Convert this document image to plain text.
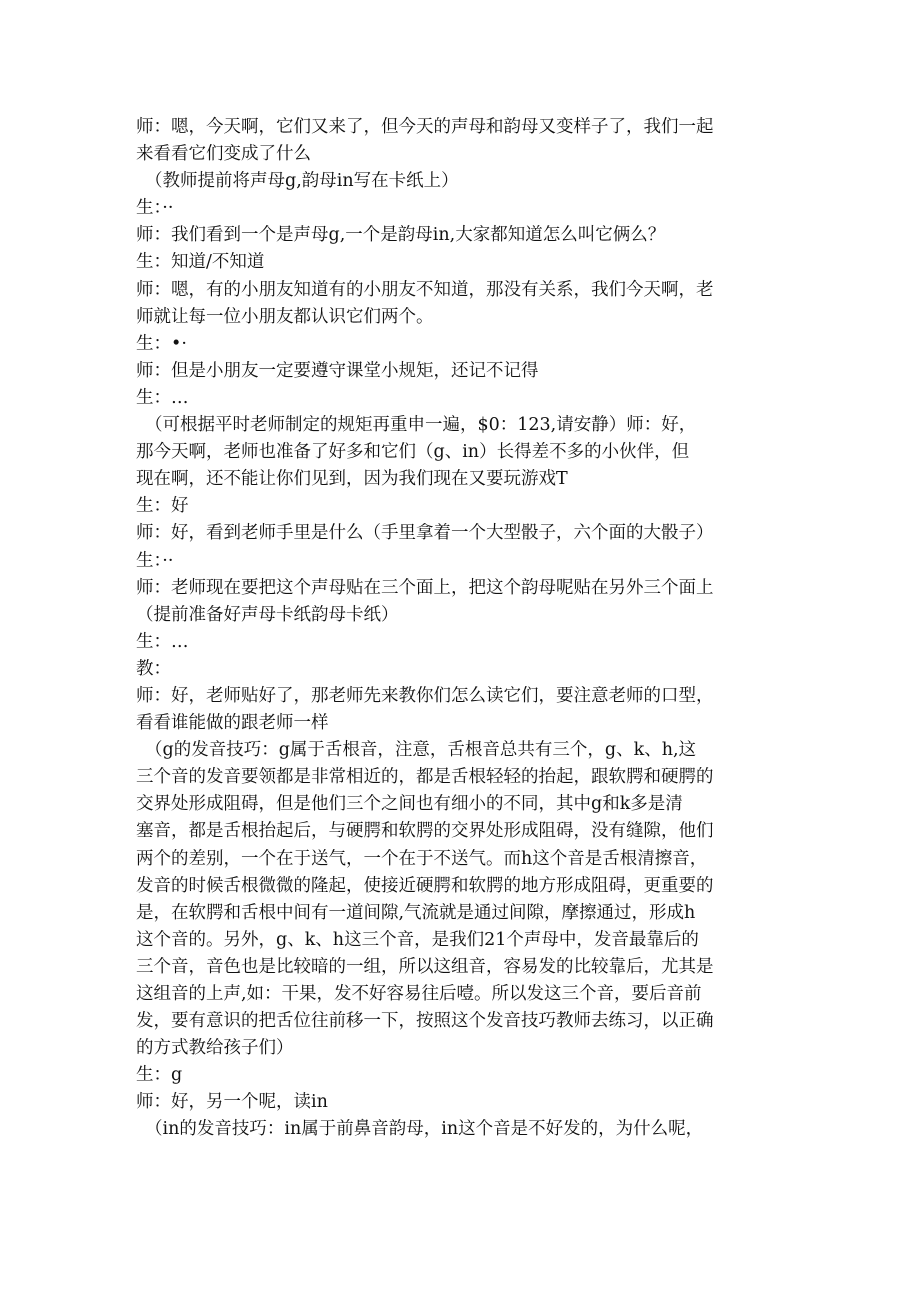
师：嗯，今天啊，它们又来了，但今天的声母和韵母又变样子了，我们一起
来看看它们变成了什么
（教师提前将声母g,韵母in写在卡纸上）
生：··
师：我们看到一个是声母g,一个是韵母in,大家都知道怎么叫它俩么？
生：知道/不知道
师：嗯，有的小朋友知道有的小朋友不知道，那没有关系，我们今天啊，老
师就让每一位小朋友都认识它们两个。
生：•·
师：但是小朋友一定要遵守课堂小规矩，还记不记得
生：…
（可根据平时老师制定的规矩再重申一遍，$0：123,请安静）师：好，
那今天啊，老师也准备了好多和它们（g、in）长得差不多的小伙伴，但
现在啊，还不能让你们见到，因为我们现在又要玩游戏T
生：好
师：好，看到老师手里是什么（手里拿着一个大型骰子，六个面的大骰子）
生：··
师：老师现在要把这个声母贴在三个面上，把这个韵母呢贴在另外三个面上
（提前准备好声母卡纸韵母卡纸）
生：…
教：
师：好，老师贴好了，那老师先来教你们怎么读它们，要注意老师的口型，
看看谁能做的跟老师一样
（g的发音技巧：g属于舌根音，注意，舌根音总共有三个，g、k、h,这
三个音的发音要领都是非常相近的，都是舌根轻轻的抬起，跟软腭和硬腭的
交界处形成阻碍，但是他们三个之间也有细小的不同，其中g和k多是清
塞音，都是舌根抬起后，与硬腭和软腭的交界处形成阻碍，没有缝隙，他们
两个的差别，一个在于送气，一个在于不送气。而h这个音是舌根清擦音，
发音的时候舌根微微的隆起，使接近硬腭和软腭的地方形成阻碍，更重要的
是，在软腭和舌根中间有一道间隙,气流就是通过间隙，摩擦通过，形成h
这个音的。另外，g、k、h这三个音，是我们21个声母中，发音最靠后的
三个音，音色也是比较暗的一组，所以这组音，容易发的比较靠后，尤其是
这组音的上声,如：干果，发不好容易往后噎。所以发这三个音，要后音前
发，要有意识的把舌位往前移一下，按照这个发音技巧教师去练习，以正确
的方式教给孩子们）
生：g
师：好，另一个呢，读in
（in的发音技巧：in属于前鼻音韵母，in这个音是不好发的，为什么呢，
